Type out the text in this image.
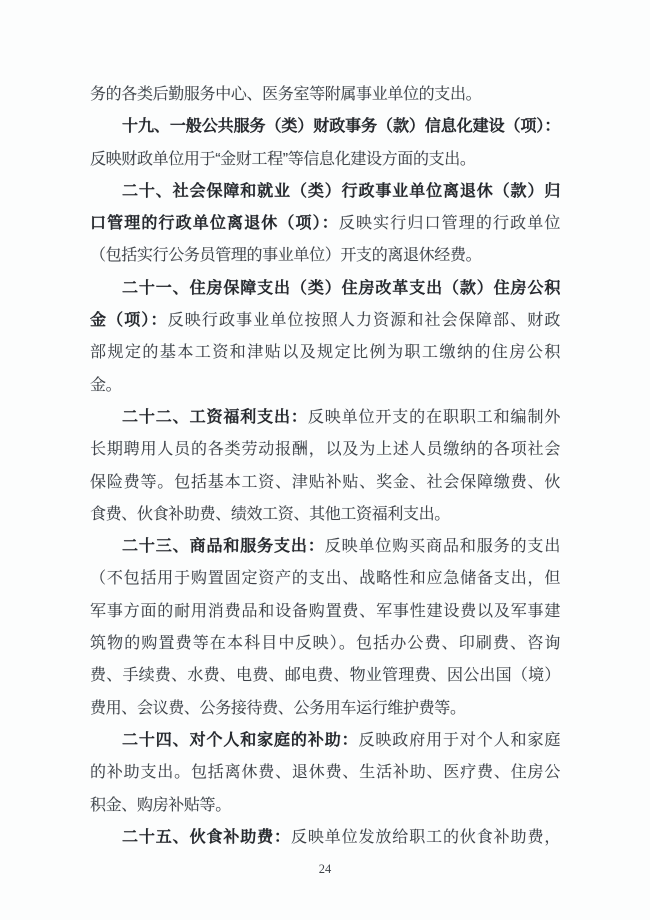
务的各类后勤服务中心、医务室等附属事业单位的支出。
十九、一般公共服务（类）财政事务（款）信息化建设（项）：
反映财政单位用于“金财工程”等信息化建设方面的支出。
二十、社会保障和就业（类）行政事业单位离退休（款）归
口管理的行政单位离退休（项）：反映实行归口管理的行政单位
（包括实行公务员管理的事业单位）开支的离退休经费。
二十一、住房保障支出（类）住房改革支出（款）住房公积
金（项）：反映行政事业单位按照人力资源和社会保障部、财政
部规定的基本工资和津贴以及规定比例为职工缴纳的住房公积
金。
二十二、工资福利支出：反映单位开支的在职职工和编制外
长期聘用人员的各类劳动报酬，以及为上述人员缴纳的各项社会
保险费等。包括基本工资、津贴补贴、奖金、社会保障缴费、伙
食费、伙食补助费、绩效工资、其他工资福利支出。
二十三、商品和服务支出：反映单位购买商品和服务的支出
（不包括用于购置固定资产的支出、战略性和应急储备支出，但
军事方面的耐用消费品和设备购置费、军事性建设费以及军事建
筑物的购置费等在本科目中反映）。包括办公费、印刷费、咨询
费、手续费、水费、电费、邮电费、物业管理费、因公出国（境）
费用、会议费、公务接待费、公务用车运行维护费等。
二十四、对个人和家庭的补助：反映政府用于对个人和家庭
的补助支出。包括离休费、退休费、生活补助、医疗费、住房公
积金、购房补贴等。
二十五、伙食补助费：反映单位发放给职工的伙食补助费，
24
